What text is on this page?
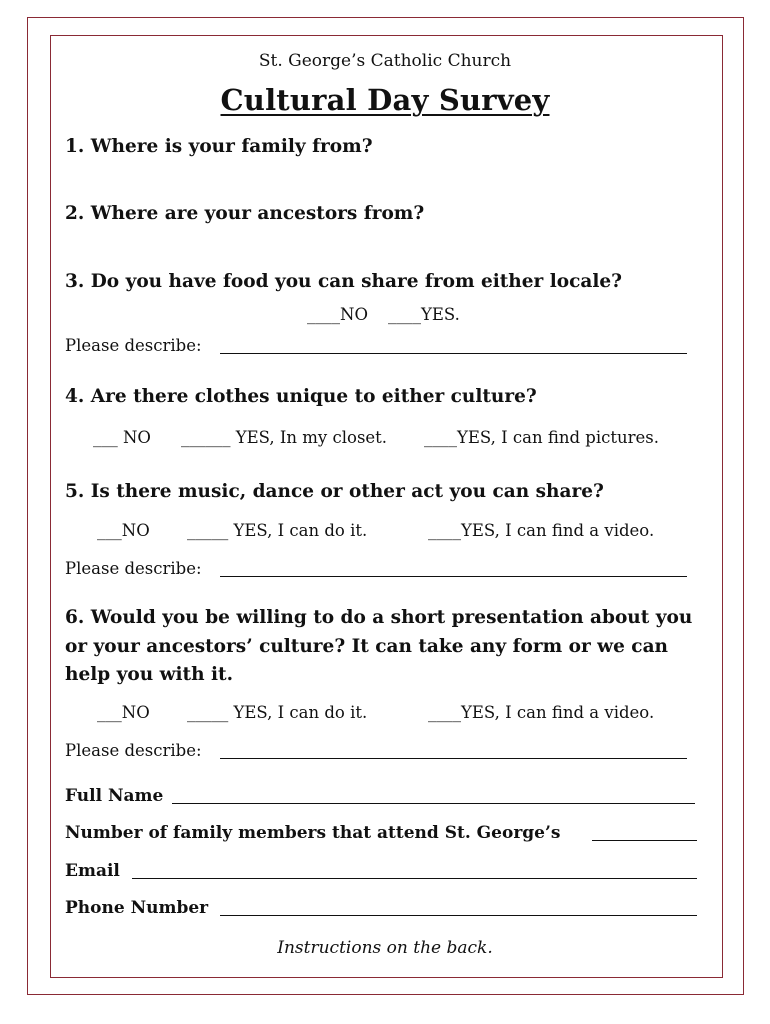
St. George’s Catholic Church
Cultural Day Survey
1. Where is your family from?
2. Where are your ancestors from?
3. Do you have food you can share from either locale?
____NO ____YES.
Please describe:
4. Are there clothes unique to either culture?
___ NO ______ YES, In my closet. ____YES, I can find pictures.
5. Is there music, dance or other act you can share?
___NO _____ YES, I can do it.	____YES, I can find a video.
Please describe:
6. Would you be willing to do a short presentation about you or your ancestors’ culture? It can take any form or we can help you with it.
___NO _____ YES, I can do it.	____YES, I can find a video.
Please describe:
Full Name
Number of family members that attend St. George’s
Email
Phone Number
Instructions on the back.
